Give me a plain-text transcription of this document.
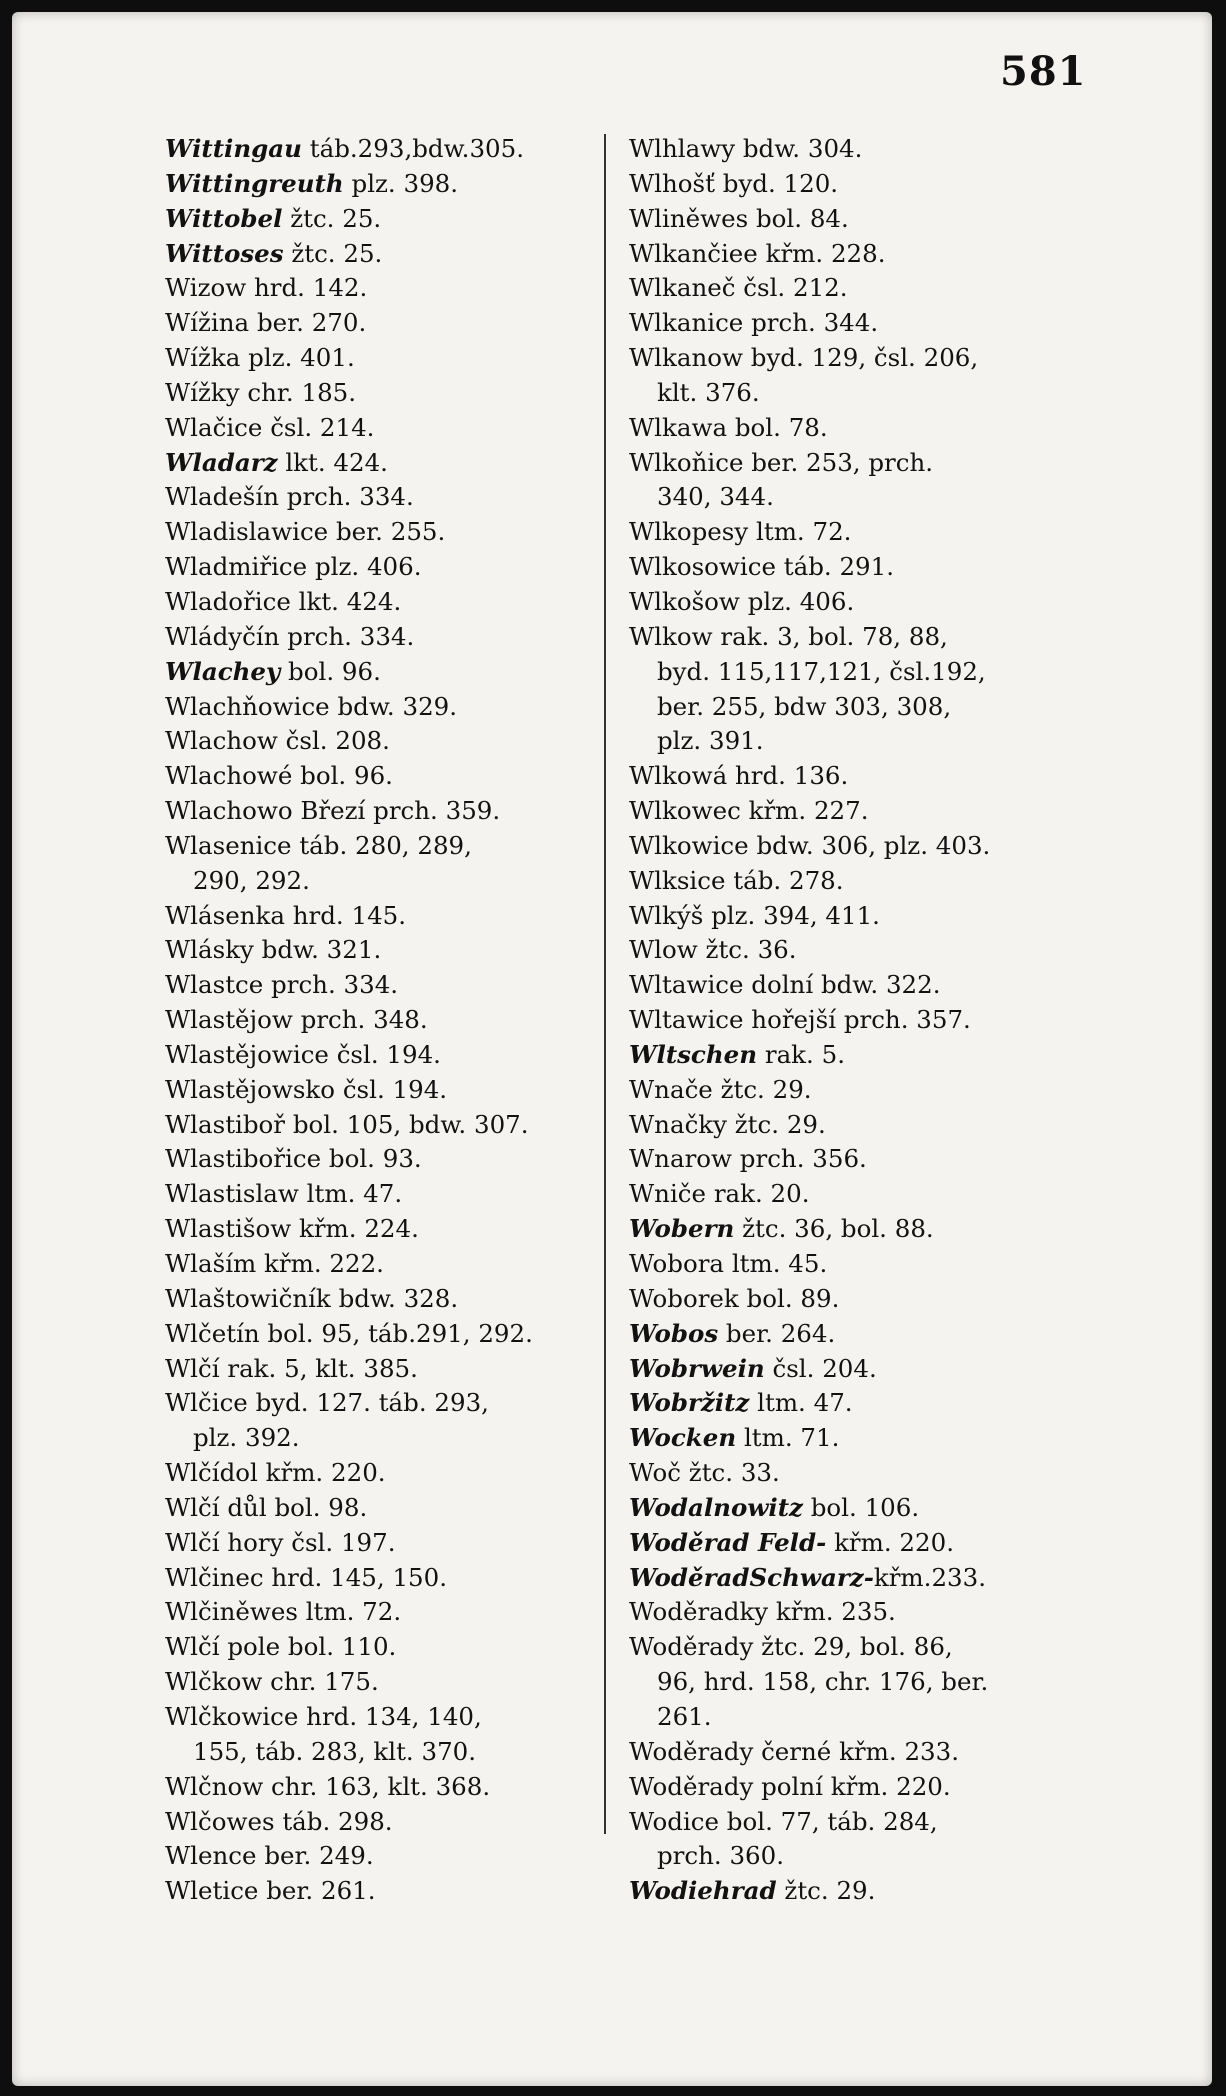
581
Wittingau táb.293,bdw.305.
Wittingreuth plz. 398.
Wittobel žtc. 25.
Wittoses žtc. 25.
Wizow hrd. 142.
Wížina ber. 270.
Wížka plz. 401.
Wížky chr. 185.
Wlačice čsl. 214.
Wladarz lkt. 424.
Wladešín prch. 334.
Wladislawice ber. 255.
Wladmiřice plz. 406.
Wladořice lkt. 424.
Wládyčín prch. 334.
Wlachey bol. 96.
Wlachňowice bdw. 329.
Wlachow čsl. 208.
Wlachowé bol. 96.
Wlachowo Březí prch. 359.
Wlasenice táb. 280, 289,
290, 292.
Wlásenka hrd. 145.
Wlásky bdw. 321.
Wlastce prch. 334.
Wlastějow prch. 348.
Wlastějowice čsl. 194.
Wlastějowsko čsl. 194.
Wlastiboř bol. 105, bdw. 307.
Wlastibořice bol. 93.
Wlastislaw ltm. 47.
Wlastišow křm. 224.
Wlaším křm. 222.
Wlaštowičník bdw. 328.
Wlčetín bol. 95, táb.291, 292.
Wlčí rak. 5, klt. 385.
Wlčice byd. 127. táb. 293,
plz. 392.
Wlčídol křm. 220.
Wlčí důl bol. 98.
Wlčí hory čsl. 197.
Wlčinec hrd. 145, 150.
Wlčiněwes ltm. 72.
Wlčí pole bol. 110.
Wlčkow chr. 175.
Wlčkowice hrd. 134, 140,
155, táb. 283, klt. 370.
Wlčnow chr. 163, klt. 368.
Wlčowes táb. 298.
Wlence ber. 249.
Wletice ber. 261.
Wlhlawy bdw. 304.
Wlhošť byd. 120.
Wliněwes bol. 84.
Wlkančiee křm. 228.
Wlkaneč čsl. 212.
Wlkanice prch. 344.
Wlkanow byd. 129, čsl. 206,
klt. 376.
Wlkawa bol. 78.
Wlkoňice ber. 253, prch.
340, 344.
Wlkopesy ltm. 72.
Wlkosowice táb. 291.
Wlkošow plz. 406.
Wlkow rak. 3, bol. 78, 88,
byd. 115,117,121, čsl.192,
ber. 255, bdw 303, 308,
plz. 391.
Wlkowá hrd. 136.
Wlkowec křm. 227.
Wlkowice bdw. 306, plz. 403.
Wlksice táb. 278.
Wlkýš plz. 394, 411.
Wlow žtc. 36.
Wltawice dolní bdw. 322.
Wltawice hořejší prch. 357.
Wltschen rak. 5.
Wnače žtc. 29.
Wnačky žtc. 29.
Wnarow prch. 356.
Wniče rak. 20.
Wobern žtc. 36, bol. 88.
Wobora ltm. 45.
Woborek bol. 89.
Wobos ber. 264.
Wobrwein čsl. 204.
Wobržitz ltm. 47.
Wocken ltm. 71.
Woč žtc. 33.
Wodalnowitz bol. 106.
Woděrad Feld- křm. 220.
WoděradSchwarz-křm.233.
Woděradky křm. 235.
Woděrady žtc. 29, bol. 86,
96, hrd. 158, chr. 176, ber.
261.
Woděrady černé křm. 233.
Woděrady polní křm. 220.
Wodice bol. 77, táb. 284,
prch. 360.
Wodiehrad žtc. 29.
